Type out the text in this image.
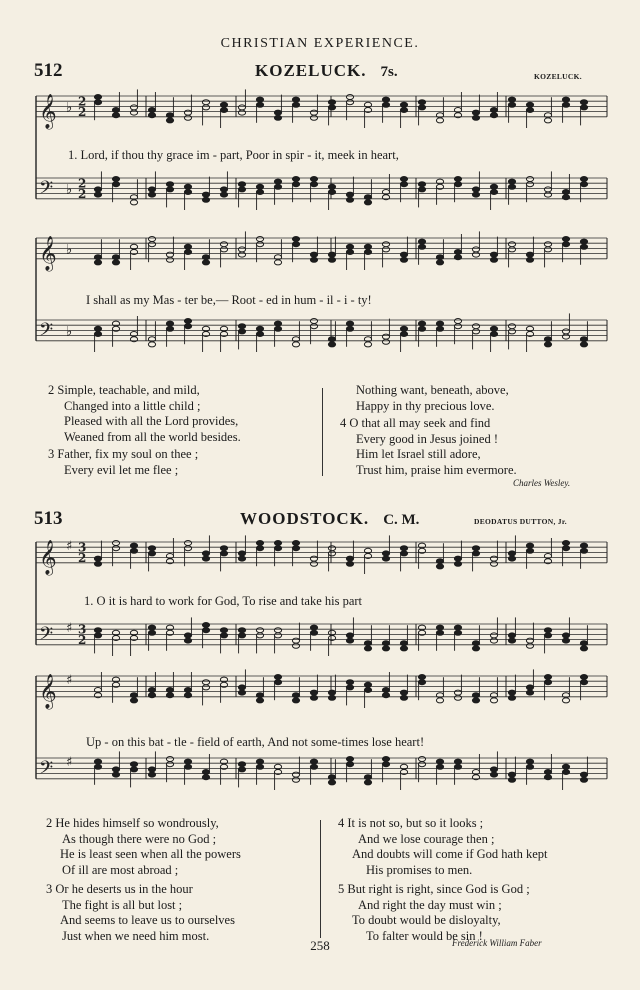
CHRISTIAN EXPERIENCE.
512	KOZELUCK. 7s.	KOZELUCK.
𝄞 ♭ 2
2
𝄢 ♭ 2
2
1. Lord, if thou thy grace im - part, Poor in spir - it, meek in heart,
𝄞 ♭
𝄢 ♭
I shall as my Mas - ter be,— Root - ed in hum - il - i - ty!
2 Simple, teachable, and mild,
Changed into a little child ;
Pleased with all the Lord provides,
Weaned from all the world besides.
3 Father, fix my soul on thee ;
Every evil let me flee ;
Nothing want, beneath, above,
Happy in thy precious love.
4 O that all may seek and find
Every good in Jesus joined !
Him let Israel still adore,
Trust him, praise him evermore.
Charles Wesley.
513	WOODSTOCK. C. M.	DEODATUS DUTTON, Jr.
𝄞 ♯ 3
2
𝄢 ♯ 3
2
1. O it is hard to work for God, To rise and take his part
𝄞 ♯
𝄢 ♯
Up - on this bat - tle - field of earth, And not some-times lose heart!
2 He hides himself so wondrously,
As though there were no God ;
He is least seen when all the powers
Of ill are most abroad ;
3 Or he deserts us in the hour
The fight is all but lost ;
And seems to leave us to ourselves
Just when we need him most.
4 It is not so, but so it looks ;
And we lose courage then ;
And doubts will come if God hath kept
His promises to men.
5 But right is right, since God is God ;
And right the day must win ;
To doubt would be disloyalty,
To falter would be sin !
Frederick William Faber
258
